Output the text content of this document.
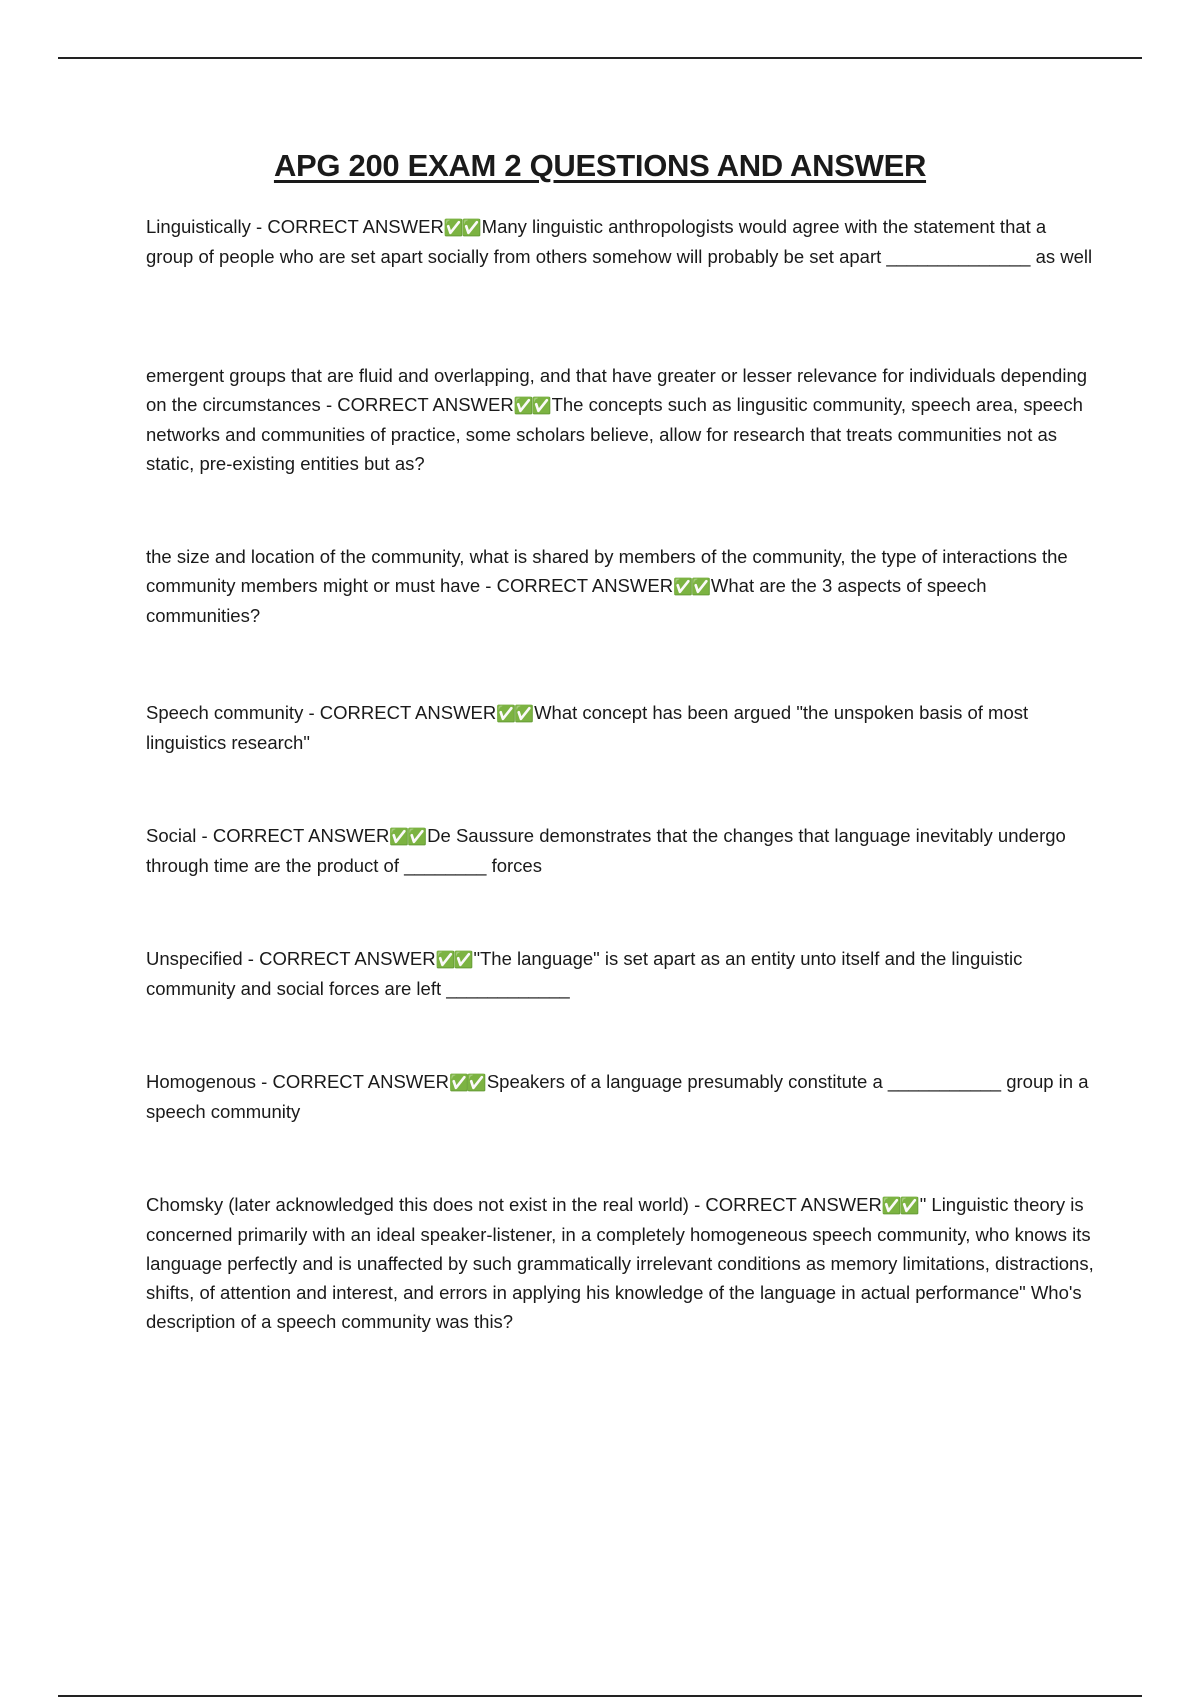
APG 200 EXAM 2 QUESTIONS AND ANSWER

Linguistically - CORRECT ANSWER✅✅ Many linguistic anthropologists would agree with the statement that a group of people who are set apart socially from others somehow will probably be set apart ______________ as well

emergent groups that are fluid and overlapping, and that have greater or lesser relevance for individuals depending on the circumstances - CORRECT ANSWER✅✅ The concepts such as lingusitic community, speech area, speech networks and communities of practice, some scholars believe, allow for research that treats communities not as static, pre-existing entities but as?

the size and location of the community, what is shared by members of the community, the type of interactions the community members might or must have - CORRECT ANSWER✅✅ What are the 3 aspects of speech communities?

Speech community - CORRECT ANSWER✅✅ What concept has been argued "the unspoken basis of most linguistics research"

Social - CORRECT ANSWER✅✅ De Saussure demonstrates that the changes that language inevitably undergo through time are the product of ________ forces

Unspecified - CORRECT ANSWER✅✅ "The language" is set apart as an entity unto itself and the linguistic community and social forces are left ____________

Homogenous - CORRECT ANSWER✅✅ Speakers of a language presumably constitute a ___________ group in a speech community

Chomsky (later acknowledged this does not exist in the real world) - CORRECT ANSWER✅✅ " Linguistic theory is concerned primarily with an ideal speaker-listener, in a completely homogeneous speech community, who knows its language perfectly and is unaffected by such grammatically irrelevant conditions as memory limitations, distractions, shifts, of attention and interest, and errors in applying his knowledge of the language in actual performance" Who's description of a speech community was this?
